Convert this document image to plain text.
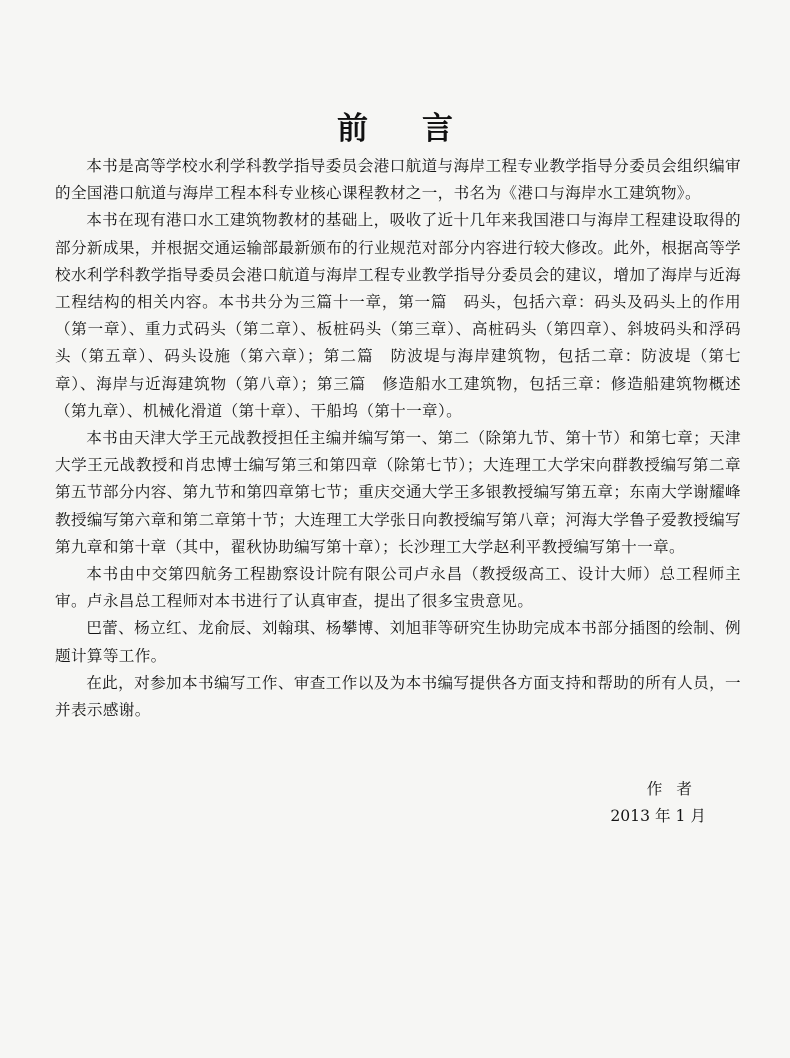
前言

本书是高等学校水利学科教学指导委员会港口航道与海岸工程专业教学指导分委员会组织编审的全国港口航道与海岸工程本科专业核心课程教材之一，书名为《港口与海岸水工建筑物》。

本书在现有港口水工建筑物教材的基础上，吸收了近十几年来我国港口与海岸工程建设取得的部分新成果，并根据交通运输部最新颁布的行业规范对部分内容进行较大修改。此外，根据高等学校水利学科教学指导委员会港口航道与海岸工程专业教学指导分委员会的建议，增加了海岸与近海工程结构的相关内容。本书共分为三篇十一章，第一篇　码头，包括六章：码头及码头上的作用（第一章）、重力式码头（第二章）、板桩码头（第三章）、高桩码头（第四章）、斜坡码头和浮码头（第五章）、码头设施（第六章）；第二篇　防波堤与海岸建筑物，包括二章：防波堤（第七章）、海岸与近海建筑物（第八章）；第三篇　修造船水工建筑物，包括三章：修造船建筑物概述（第九章）、机械化滑道（第十章）、干船坞（第十一章）。

本书由天津大学王元战教授担任主编并编写第一、第二（除第九节、第十节）和第七章；天津大学王元战教授和肖忠博士编写第三和第四章（除第七节）；大连理工大学宋向群教授编写第二章第五节部分内容、第九节和第四章第七节；重庆交通大学王多银教授编写第五章；东南大学谢耀峰教授编写第六章和第二章第十节；大连理工大学张日向教授编写第八章；河海大学鲁子爱教授编写第九章和第十章（其中，翟秋协助编写第十章）；长沙理工大学赵利平教授编写第十一章。

本书由中交第四航务工程勘察设计院有限公司卢永昌（教授级高工、设计大师）总工程师主审。卢永昌总工程师对本书进行了认真审查，提出了很多宝贵意见。

巴蕾、杨立红、龙俞辰、刘翰琪、杨攀博、刘旭菲等研究生协助完成本书部分插图的绘制、例题计算等工作。

在此，对参加本书编写工作、审查工作以及为本书编写提供各方面支持和帮助的所有人员，一并表示感谢。

作者
2013 年 1 月
